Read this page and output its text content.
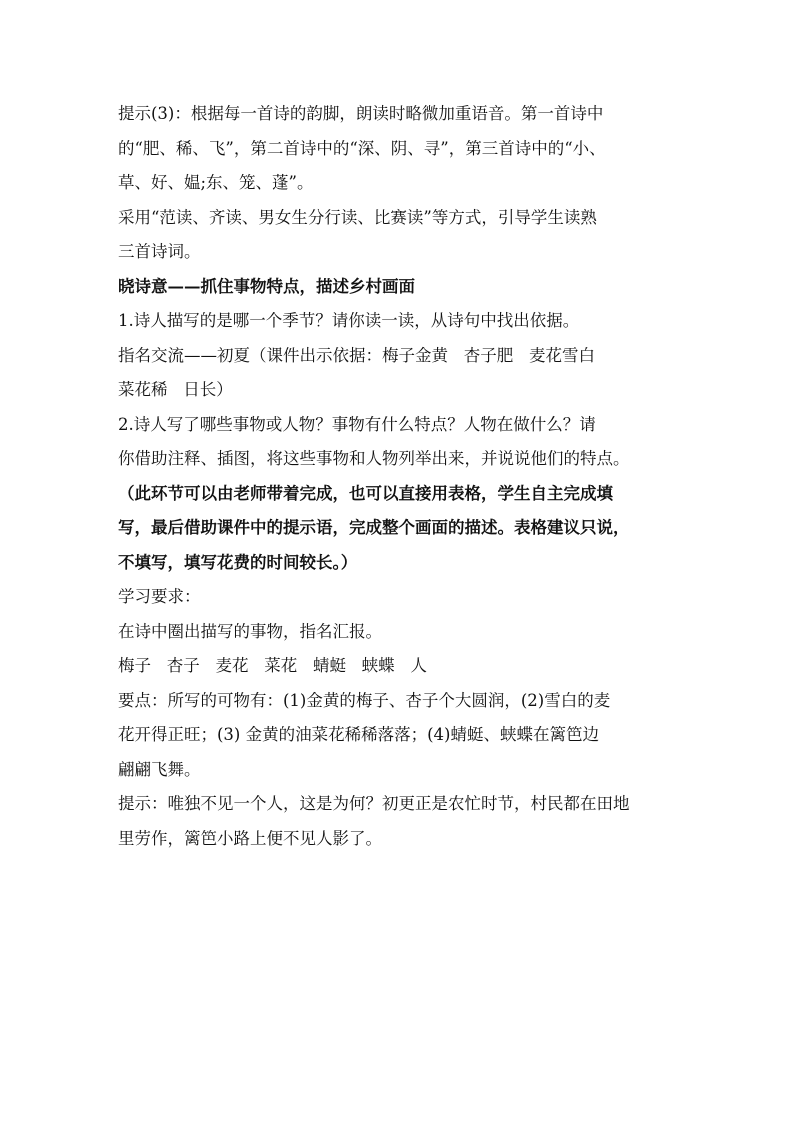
提示(3)：根据每一首诗的韵脚，朗读时略微加重语音。第一首诗中
的“肥、稀、飞”，第二首诗中的“深、阴、寻”，第三首诗中的“小、
草、好、媪;东、笼、蓬”。
采用“范读、齐读、男女生分行读、比赛读”等方式，引导学生读熟
三首诗词。
晓诗意——抓住事物特点，描述乡村画面
1.诗人描写的是哪一个季节？请你读一读，从诗句中找出依据。
指名交流——初夏（课件出示依据：梅子金黄   杏子肥   麦花雪白
菜花稀   日长）
2.诗人写了哪些事物或人物？事物有什么特点？人物在做什么？请
你借助注释、插图，将这些事物和人物列举出来，并说说他们的特点。
（此环节可以由老师带着完成，也可以直接用表格，学生自主完成填
写，最后借助课件中的提示语，完成整个画面的描述。表格建议只说，
不填写，填写花费的时间较长。）
学习要求：
在诗中圈出描写的事物，指名汇报。
梅子   杏子   麦花   菜花   蜻蜓   蛱蝶   人
要点：所写的可物有：(1)金黄的梅子、杏子个大圆润，(2)雪白的麦
花开得正旺；(3) 金黄的油菜花稀稀落落；(4)蜻蜓、蛱蝶在篱笆边
翩翩飞舞。
提示：唯独不见一个人，这是为何？初更正是农忙时节，村民都在田地
里劳作，篱笆小路上便不见人影了。
